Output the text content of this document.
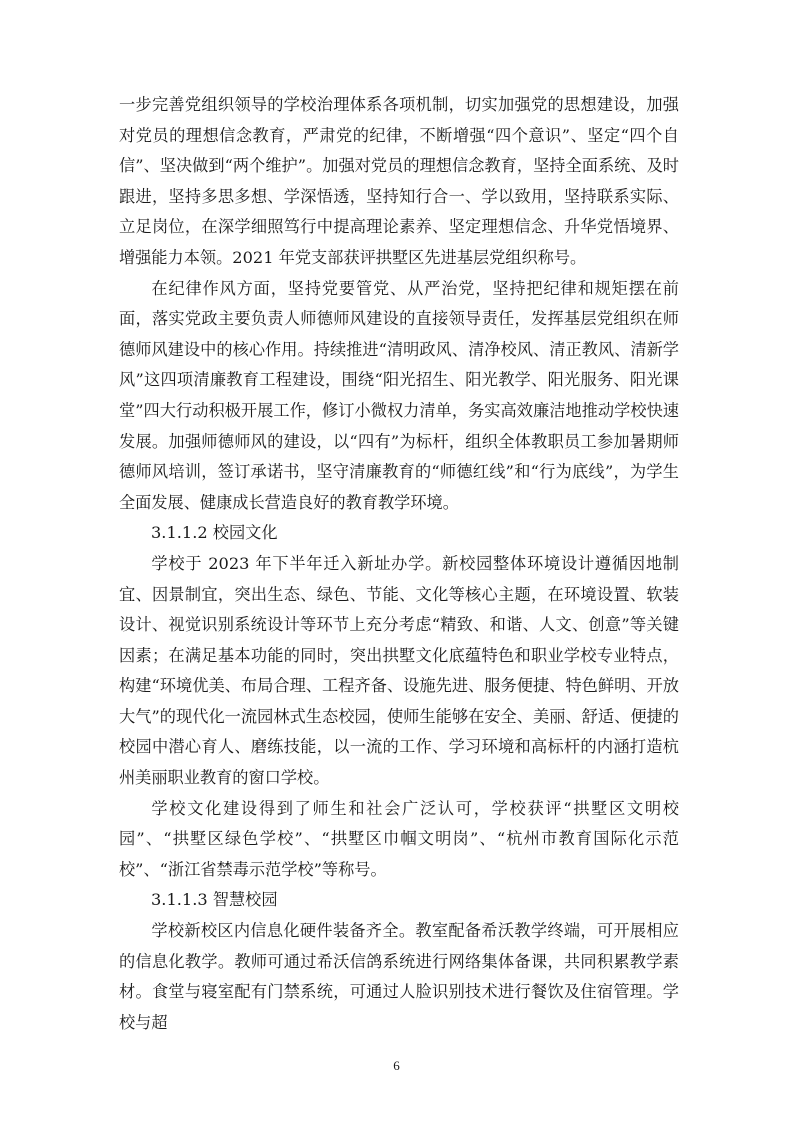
一步完善党组织领导的学校治理体系各项机制，切实加强党的思想建设，加强对党员的理想信念教育，严肃党的纪律，不断增强“四个意识”、坚定“四个自信”、坚决做到“两个维护”。加强对党员的理想信念教育，坚持全面系统、及时跟进，坚持多思多想、学深悟透，坚持知行合一、学以致用，坚持联系实际、立足岗位，在深学细照笃行中提高理论素养、坚定理想信念、升华党悟境界、增强能力本领。2021 年党支部获评拱墅区先进基层党组织称号。

在纪律作风方面，坚持党要管党、从严治党，坚持把纪律和规矩摆在前面，落实党政主要负责人师德师风建设的直接领导责任，发挥基层党组织在师德师风建设中的核心作用。持续推进“清明政风、清净校风、清正教风、清新学风”这四项清廉教育工程建设，围绕“阳光招生、阳光教学、阳光服务、阳光课堂”四大行动积极开展工作，修订小微权力清单，务实高效廉洁地推动学校快速发展。加强师德师风的建设，以“四有”为标杆，组织全体教职员工参加暑期师德师风培训，签订承诺书，坚守清廉教育的“师德红线”和“行为底线”，为学生全面发展、健康成长营造良好的教育教学环境。

3.1.1.2 校园文化

学校于 2023 年下半年迁入新址办学。新校园整体环境设计遵循因地制宜、因景制宜，突出生态、绿色、节能、文化等核心主题，在环境设置、软装设计、视觉识别系统设计等环节上充分考虑“精致、和谐、人文、创意”等关键因素；在满足基本功能的同时，突出拱墅文化底蕴特色和职业学校专业特点，构建“环境优美、布局合理、工程齐备、设施先进、服务便捷、特色鲜明、开放大气”的现代化一流园林式生态校园，使师生能够在安全、美丽、舒适、便捷的校园中潜心育人、磨练技能，以一流的工作、学习环境和高标杆的内涵打造杭州美丽职业教育的窗口学校。

学校文化建设得到了师生和社会广泛认可，学校获评“拱墅区文明校园”、“拱墅区绿色学校”、“拱墅区巾帼文明岗”、“杭州市教育国际化示范校”、“浙江省禁毒示范学校”等称号。

3.1.1.3 智慧校园

学校新校区内信息化硬件装备齐全。教室配备希沃教学终端，可开展相应的信息化教学。教师可通过希沃信鸽系统进行网络集体备课，共同积累教学素材。食堂与寝室配有门禁系统，可通过人脸识别技术进行餐饮及住宿管理。学校与超

6
